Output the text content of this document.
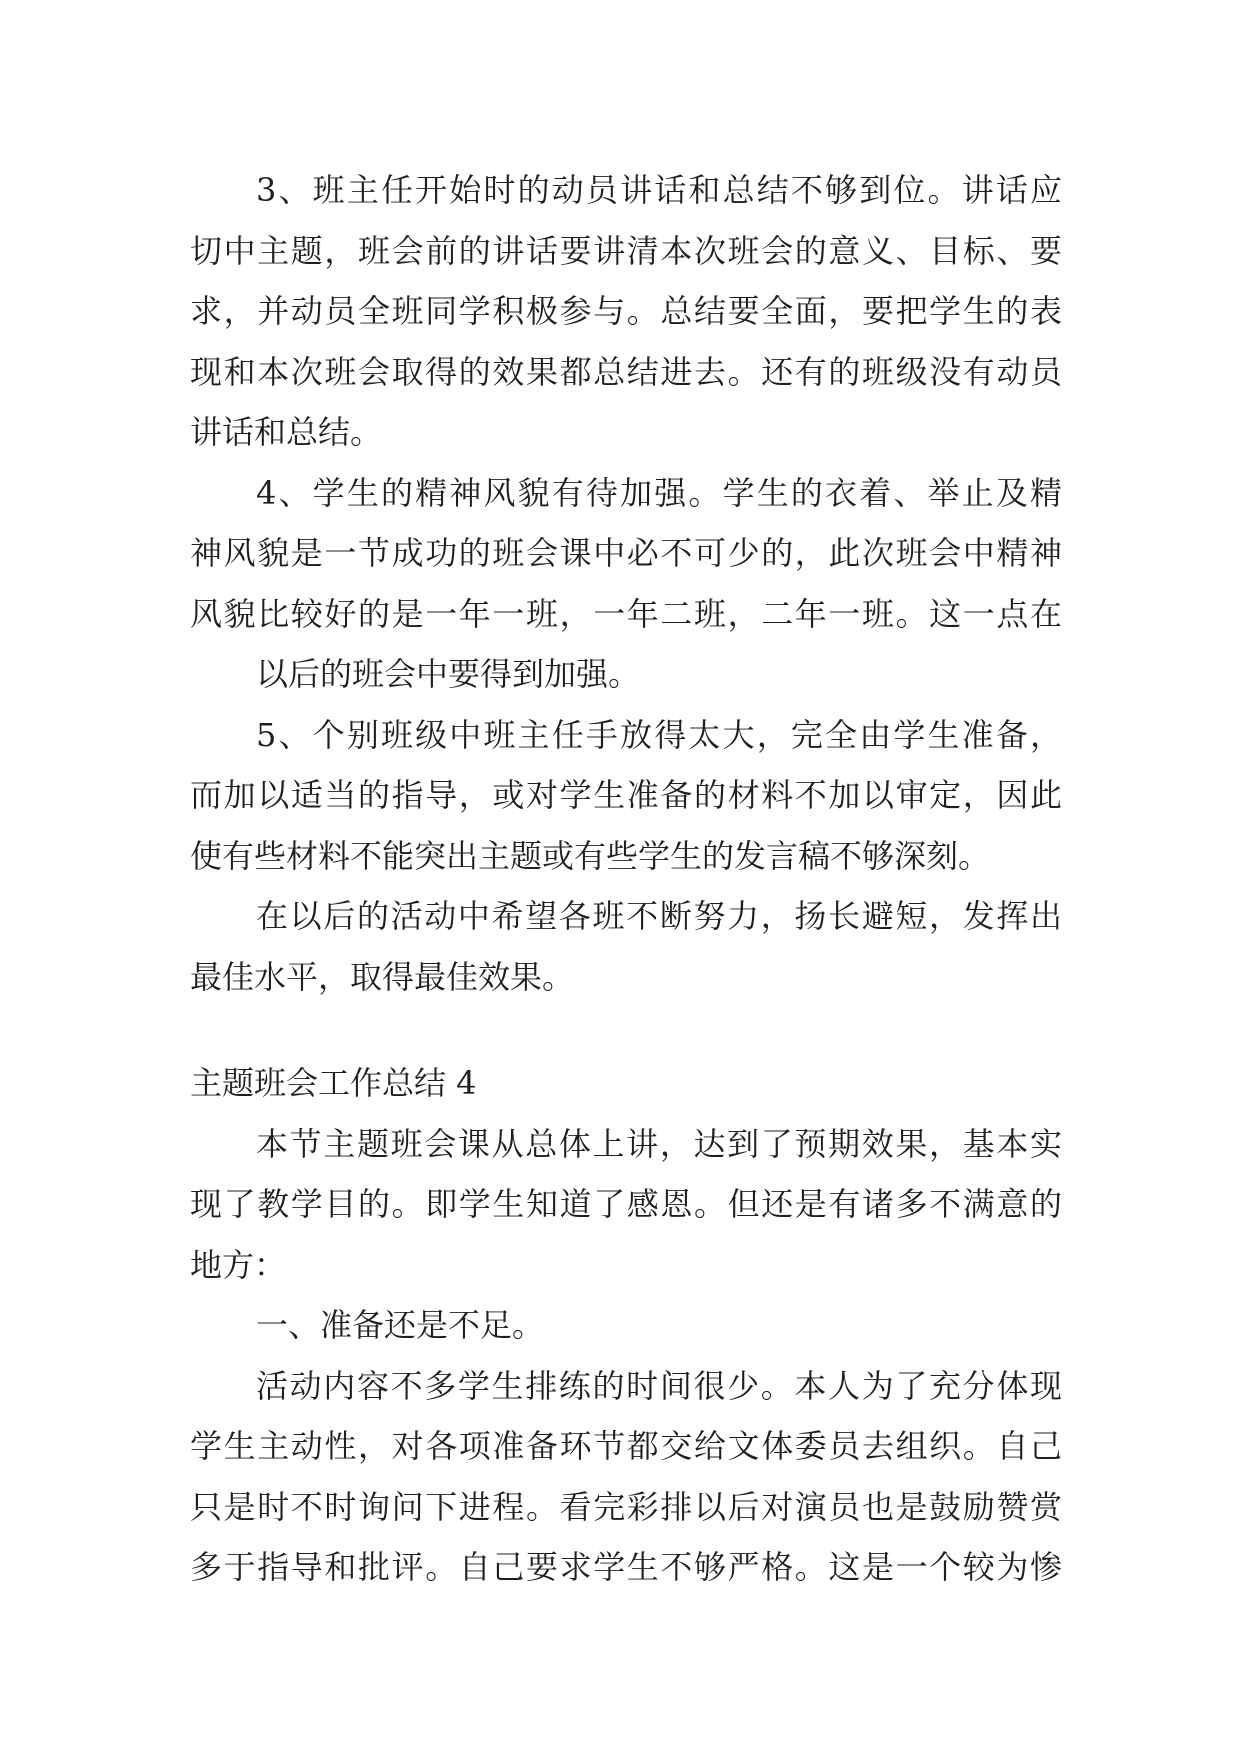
3、班主任开始时的动员讲话和总结不够到位。讲话应
切中主题，班会前的讲话要讲清本次班会的意义、目标、要
求，并动员全班同学积极参与。总结要全面，要把学生的表
现和本次班会取得的效果都总结进去。还有的班级没有动员
讲话和总结。
4、学生的精神风貌有待加强。学生的衣着、举止及精
神风貌是一节成功的班会课中必不可少的，此次班会中精神
风貌比较好的是一年一班，一年二班，二年一班。这一点在
以后的班会中要得到加强。
5、个别班级中班主任手放得太大，完全由学生准备，
而加以适当的指导，或对学生准备的材料不加以审定，因此
使有些材料不能突出主题或有些学生的发言稿不够深刻。
在以后的活动中希望各班不断努力，扬长避短，发挥出
最佳水平，取得最佳效果。
主题班会工作总结 4
本节主题班会课从总体上讲，达到了预期效果，基本实
现了教学目的。即学生知道了感恩。但还是有诸多不满意的
地方：
一、准备还是不足。
活动内容不多学生排练的时间很少。本人为了充分体现
学生主动性，对各项准备环节都交给文体委员去组织。自己
只是时不时询问下进程。看完彩排以后对演员也是鼓励赞赏
多于指导和批评。自己要求学生不够严格。这是一个较为惨
